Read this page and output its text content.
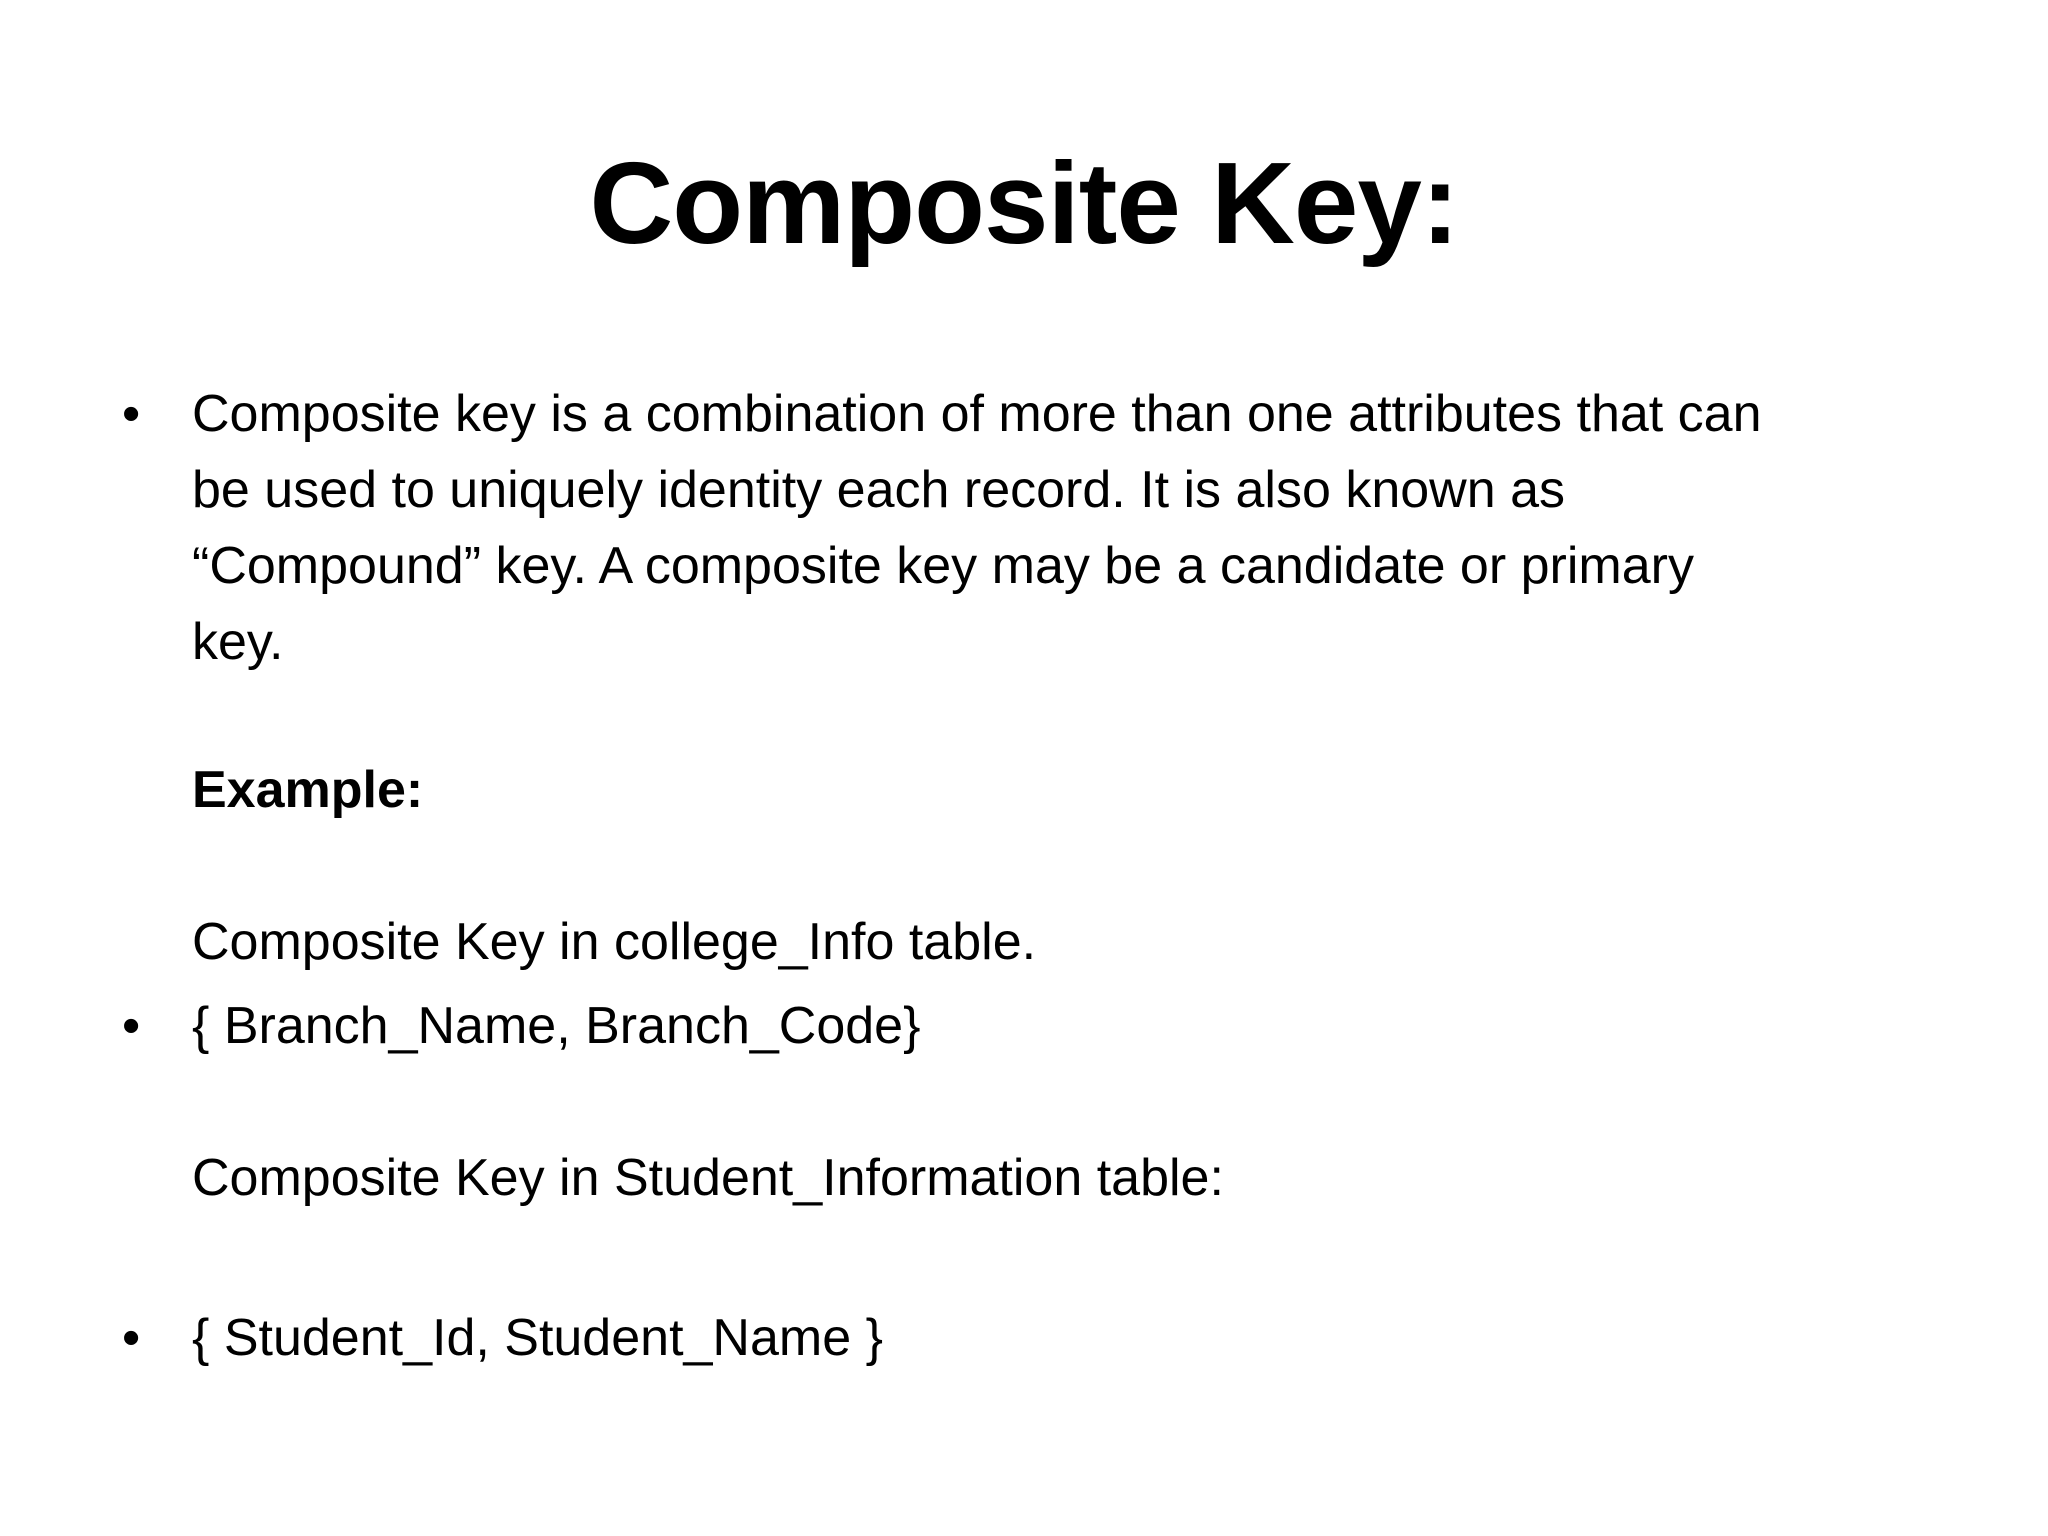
Composite Key:
• Composite key is a combination of more than one attributes that can
be used to uniquely identity each record. It is also known as
“Compound” key. A composite key may be a candidate or primary
key.
Example:
Composite Key in college_Info table.
• { Branch_Name, Branch_Code}
Composite Key in Student_Information table:
• { Student_Id, Student_Name }
